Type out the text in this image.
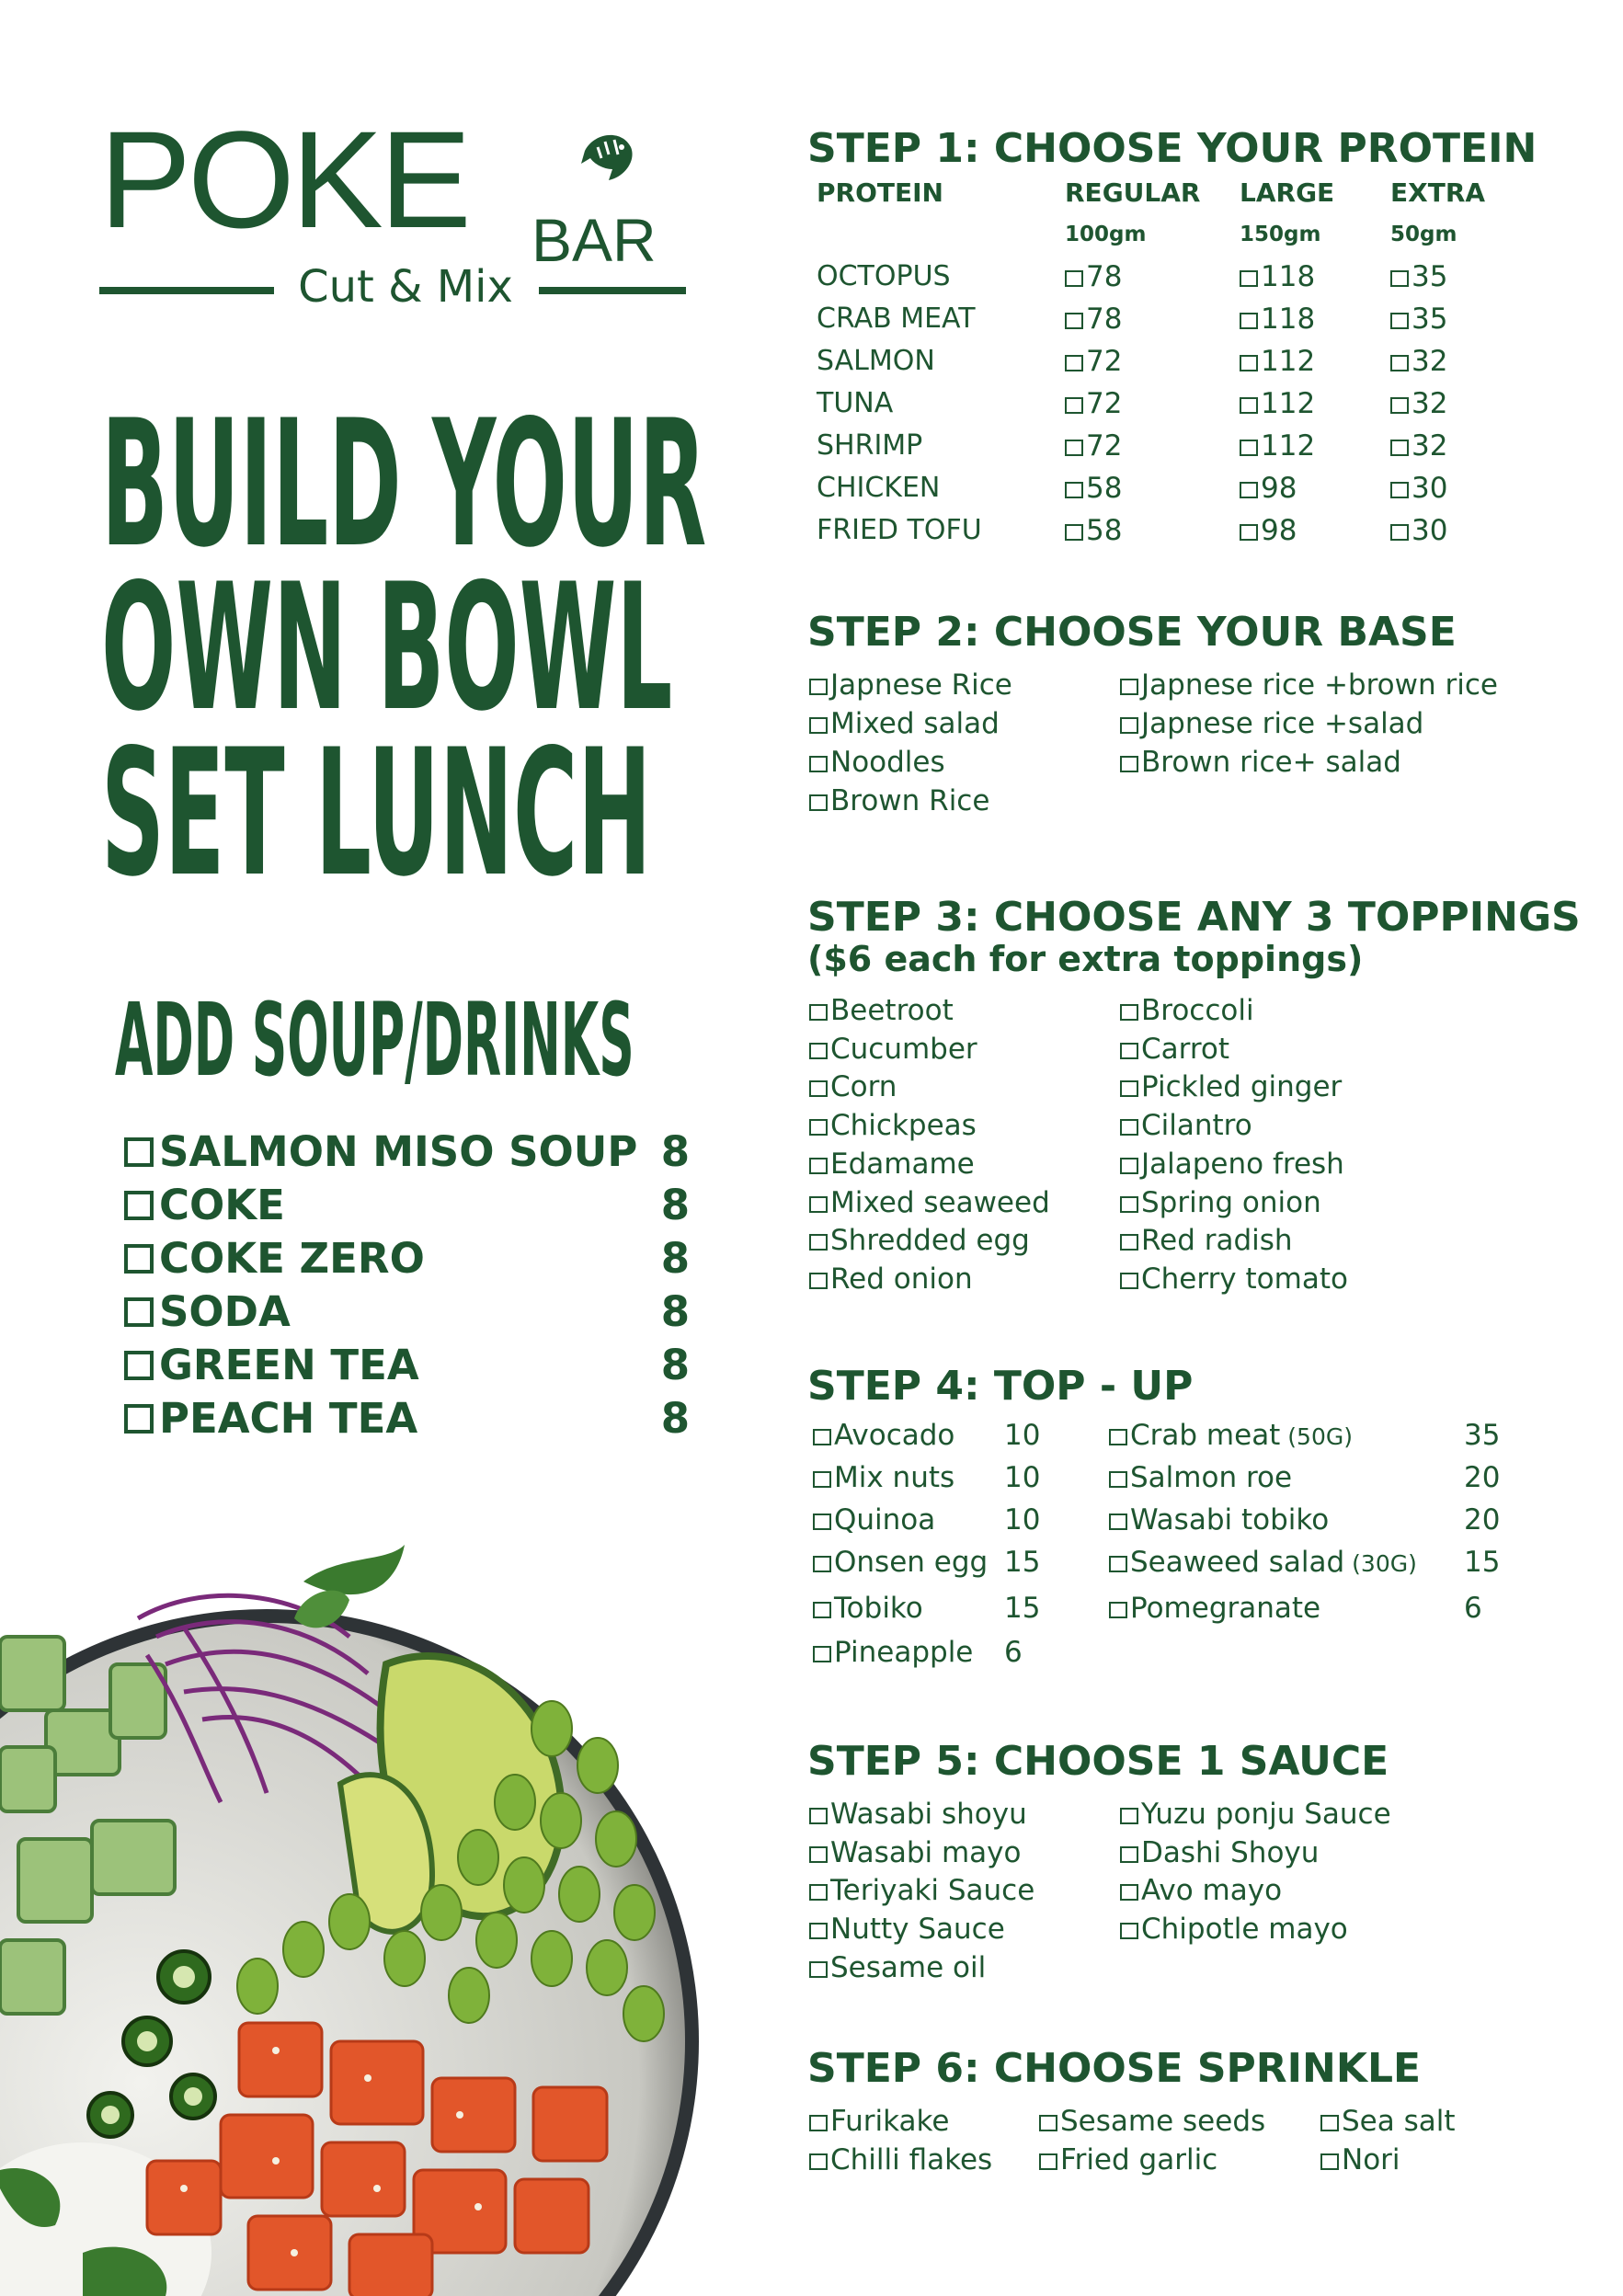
POKE BAR
Cut & Mix
BUILD YOUR
OWN BOWL
SET LUNCH
ADD SOUP/DRINKS
SALMON MISO SOUP 8
COKE	8
COKE ZERO	8
SODA	8
GREEN TEA	8
PEACH TEA	8
STEP 1: CHOOSE YOUR PROTEIN
PROTEIN	REGULAR LARGE EXTRA
100gm	150gm	50gm
OCTOPUS	78	118	35
CRAB MEAT	78	118	35
SALMON	72	112	32
TUNA	72	112	32
SHRIMP	72	112	32
CHICKEN	58	98	30
FRIED TOFU	58	98	30
STEP 2: CHOOSE YOUR BASE
Japnese Rice
Mixed salad
Noodles
Brown Rice
Japnese rice +brown rice
Japnese rice +salad
Brown rice+ salad
STEP 3: CHOOSE ANY 3 TOPPINGS
($6 each for extra toppings)
Beetroot
Cucumber
Corn
Chickpeas
Edamame
Mixed seaweed
Shredded egg
Red onion
Broccoli
Carrot
Pickled ginger
Cilantro
Jalapeno fresh
Spring onion
Red radish
Cherry tomato
STEP 4: TOP - UP
Avocado 10
Mix nuts 10
Quinoa 10
Onsen egg 15
Tobiko	15
Pineapple 6
Crab meat (50G)	35
Salmon roe	20
Wasabi tobiko	20
Seaweed salad (30G) 15
Pomegranate	6
STEP 5: CHOOSE 1 SAUCE
Wasabi shoyu
Wasabi mayo
Teriyaki Sauce
Nutty Sauce
Sesame oil
Yuzu ponju Sauce
Dashi Shoyu
Avo mayo
Chipotle mayo
STEP 6: CHOOSE SPRINKLE
Furikake
Chilli flakes
Sesame seeds
Fried garlic
Sea salt
Nori
